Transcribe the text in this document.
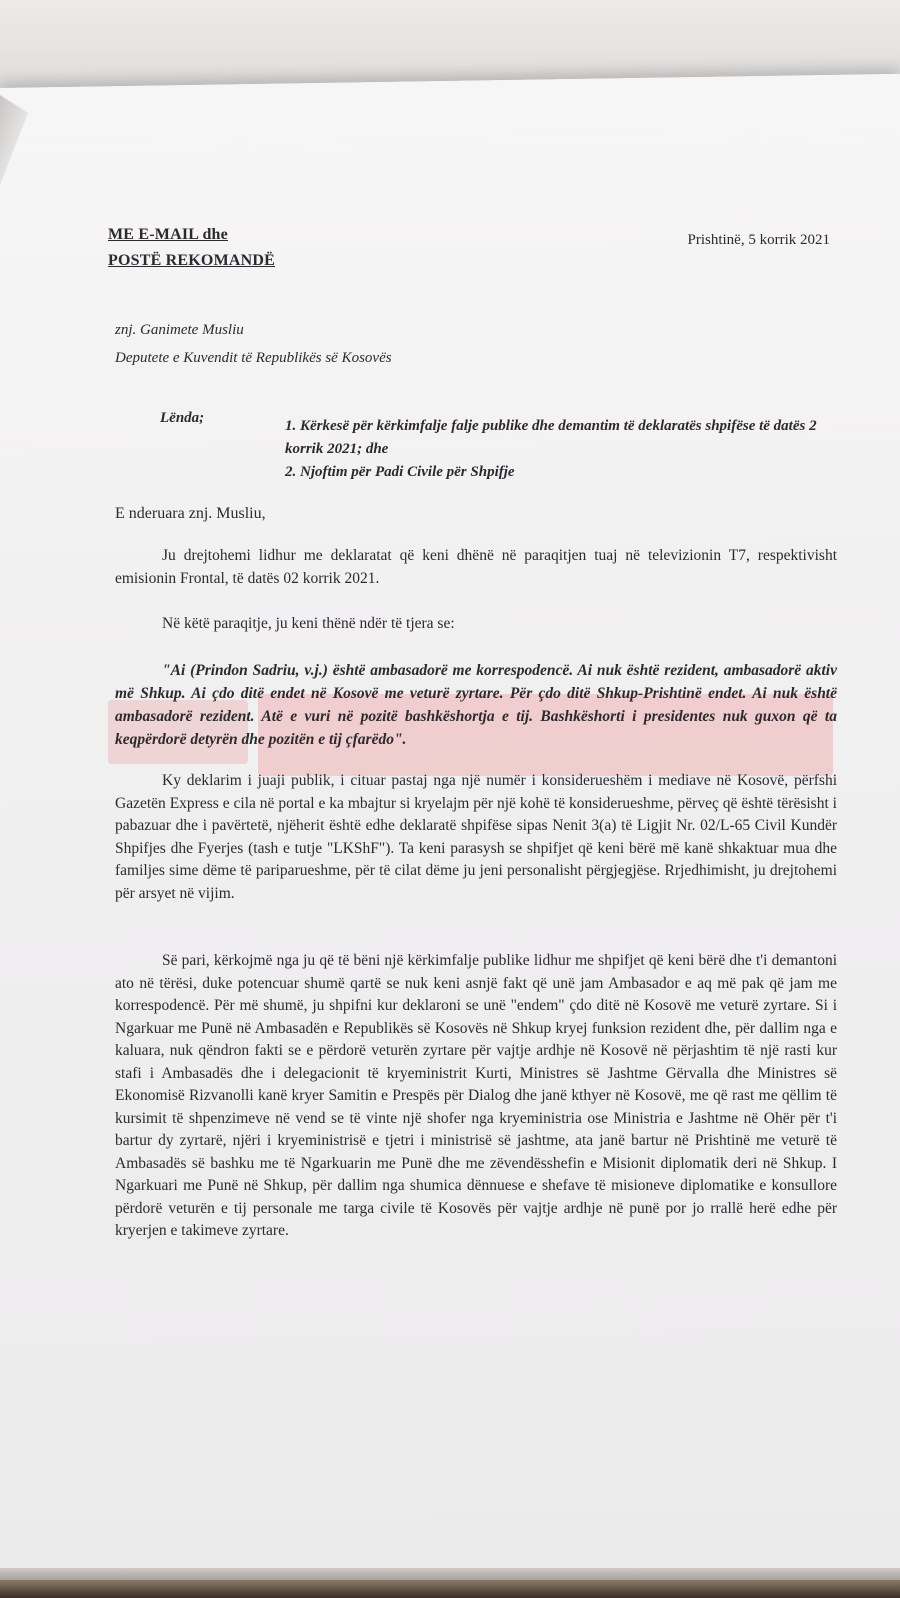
ME E-MAIL dhe
POSTË REKOMANDË
Prishtinë, 5 korrik 2021
znj. Ganimete Musliu
Deputete e Kuvendit të Republikës së Kosovës
Lënda;	1. Kërkesë për kërkimfalje falje publike dhe demantim të deklaratës shpifëse të datës 2 korrik 2021; dhe
2. Njoftim për Padi Civile për Shpifje
E nderuara znj. Musliu,
Ju drejtohemi lidhur me deklaratat që keni dhënë në paraqitjen tuaj në televizionin T7, respektivisht emisionin Frontal, të datës 02 korrik 2021.
Në këtë paraqitje, ju keni thënë ndër të tjera se:
"Ai (Prindon Sadriu, v.j.) është ambasadorë me korrespodencë. Ai nuk është rezident, ambasadorë aktiv më Shkup. Ai çdo ditë endet në Kosovë me veturë zyrtare. Për çdo ditë Shkup-Prishtinë endet. Ai nuk është ambasadorë rezident. Atë e vuri në pozitë bashkëshortja e tij. Bashkëshorti i presidentes nuk guxon që ta keqpërdorë detyrën dhe pozitën e tij çfarëdo".
Ky deklarim i juaji publik, i cituar pastaj nga një numër i konsiderueshëm i mediave në Kosovë, përfshi Gazetën Express e cila në portal e ka mbajtur si kryelajm për një kohë të konsiderueshme, përveç që është tërësisht i pabazuar dhe i pavërtetë, njëherit është edhe deklaratë shpifëse sipas Nenit 3(a) të Ligjit Nr. 02/L-65 Civil Kundër Shpifjes dhe Fyerjes (tash e tutje "LKShF"). Ta keni parasysh se shpifjet që keni bërë më kanë shkaktuar mua dhe familjes sime dëme të pariparueshme, për të cilat dëme ju jeni personalisht përgjegjëse. Rrjedhimisht, ju drejtohemi për arsyet në vijim.
Së pari, kërkojmë nga ju që të bëni një kërkimfalje publike lidhur me shpifjet që keni bërë dhe t'i demantoni ato në tërësi, duke potencuar shumë qartë se nuk keni asnjë fakt që unë jam Ambasador e aq më pak që jam me korrespodencë. Për më shumë, ju shpifni kur deklaroni se unë "endem" çdo ditë në Kosovë me veturë zyrtare. Si i Ngarkuar me Punë në Ambasadën e Republikës së Kosovës në Shkup kryej funksion rezident dhe, për dallim nga e kaluara, nuk qëndron fakti se e përdorë veturën zyrtare për vajtje ardhje në Kosovë në përjashtim të një rasti kur stafi i Ambasadës dhe i delegacionit të kryeministrit Kurti, Ministres së Jashtme Gërvalla dhe Ministres së Ekonomisë Rizvanolli kanë kryer Samitin e Prespës për Dialog dhe janë kthyer në Kosovë, me që rast me qëllim të kursimit të shpenzimeve në vend se të vinte një shofer nga kryeministria ose Ministria e Jashtme në Ohër për t'i bartur dy zyrtarë, njëri i kryeministrisë e tjetri i ministrisë së jashtme, ata janë bartur në Prishtinë me veturë të Ambasadës së bashku me të Ngarkuarin me Punë dhe me zëvendësshefin e Misionit diplomatik deri në Shkup. I Ngarkuari me Punë në Shkup, për dallim nga shumica dënnuese e shefave të misioneve diplomatike e konsullore përdorë veturën e tij personale me targa civile të Kosovës për vajtje ardhje në punë por jo rrallë herë edhe për kryerjen e takimeve zyrtare.
